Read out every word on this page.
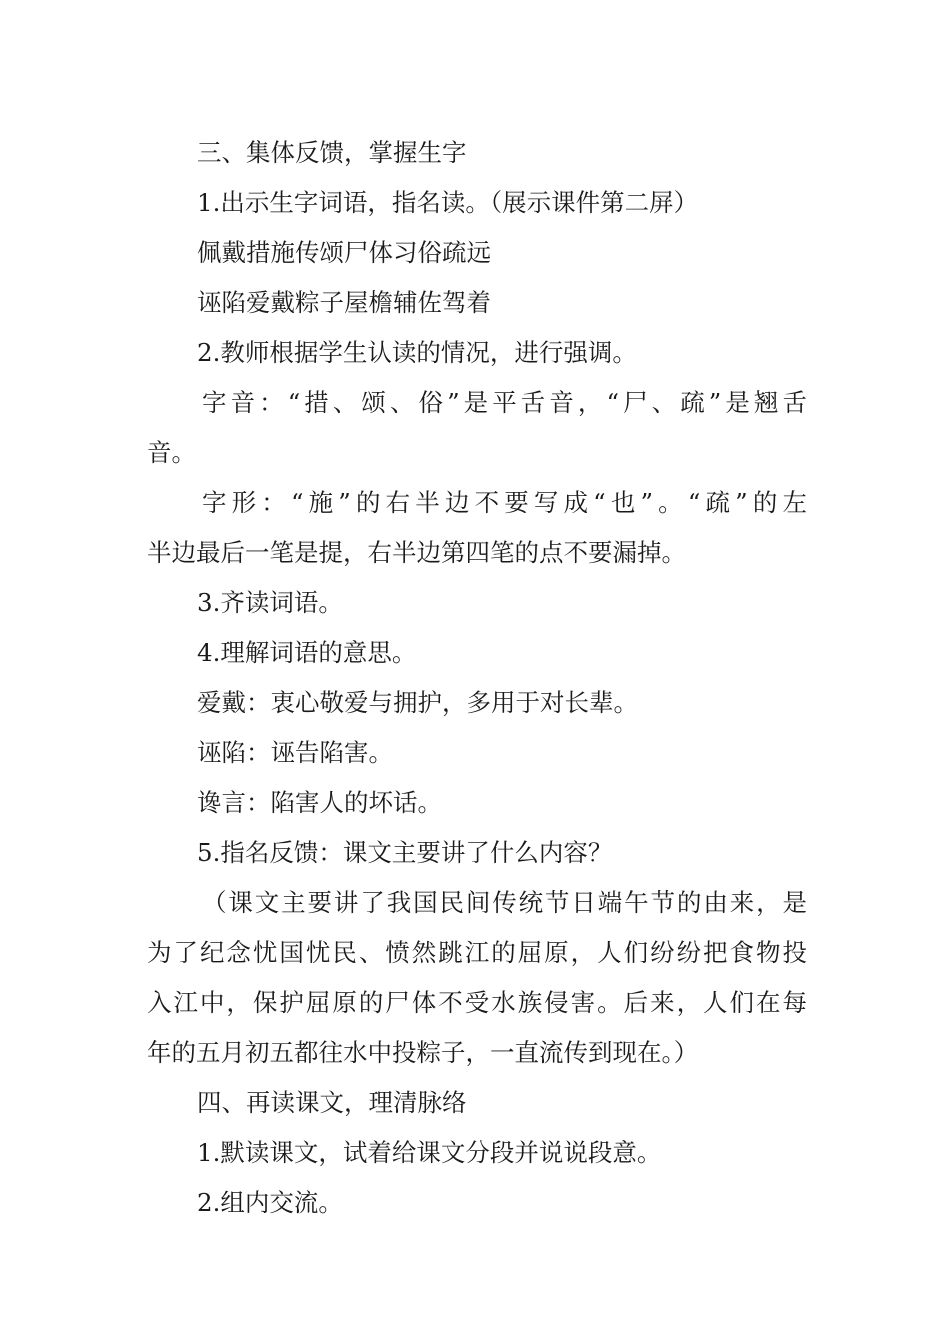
三、集体反馈，掌握生字
1.出示生字词语，指名读。（展示课件第二屏）
佩戴措施传颂尸体习俗疏远
诬陷爱戴粽子屋檐辅佐驾着
2.教师根据学生认读的情况，进行强调。
字音：“措、颂、俗”是平舌音，“尸、疏”是翘舌
音。
字形：“施”的右半边不要写成“也”。“疏”的左
半边最后一笔是提，右半边第四笔的点不要漏掉。
3.齐读词语。
4.理解词语的意思。
爱戴：衷心敬爱与拥护，多用于对长辈。
诬陷：诬告陷害。
谗言：陷害人的坏话。
5.指名反馈：课文主要讲了什么内容？
（课文主要讲了我国民间传统节日端午节的由来，是
为了纪念忧国忧民、愤然跳江的屈原，人们纷纷把食物投
入江中，保护屈原的尸体不受水族侵害。后来，人们在每
年的五月初五都往水中投粽子，一直流传到现在。）
四、再读课文，理清脉络
1.默读课文，试着给课文分段并说说段意。
2.组内交流。
